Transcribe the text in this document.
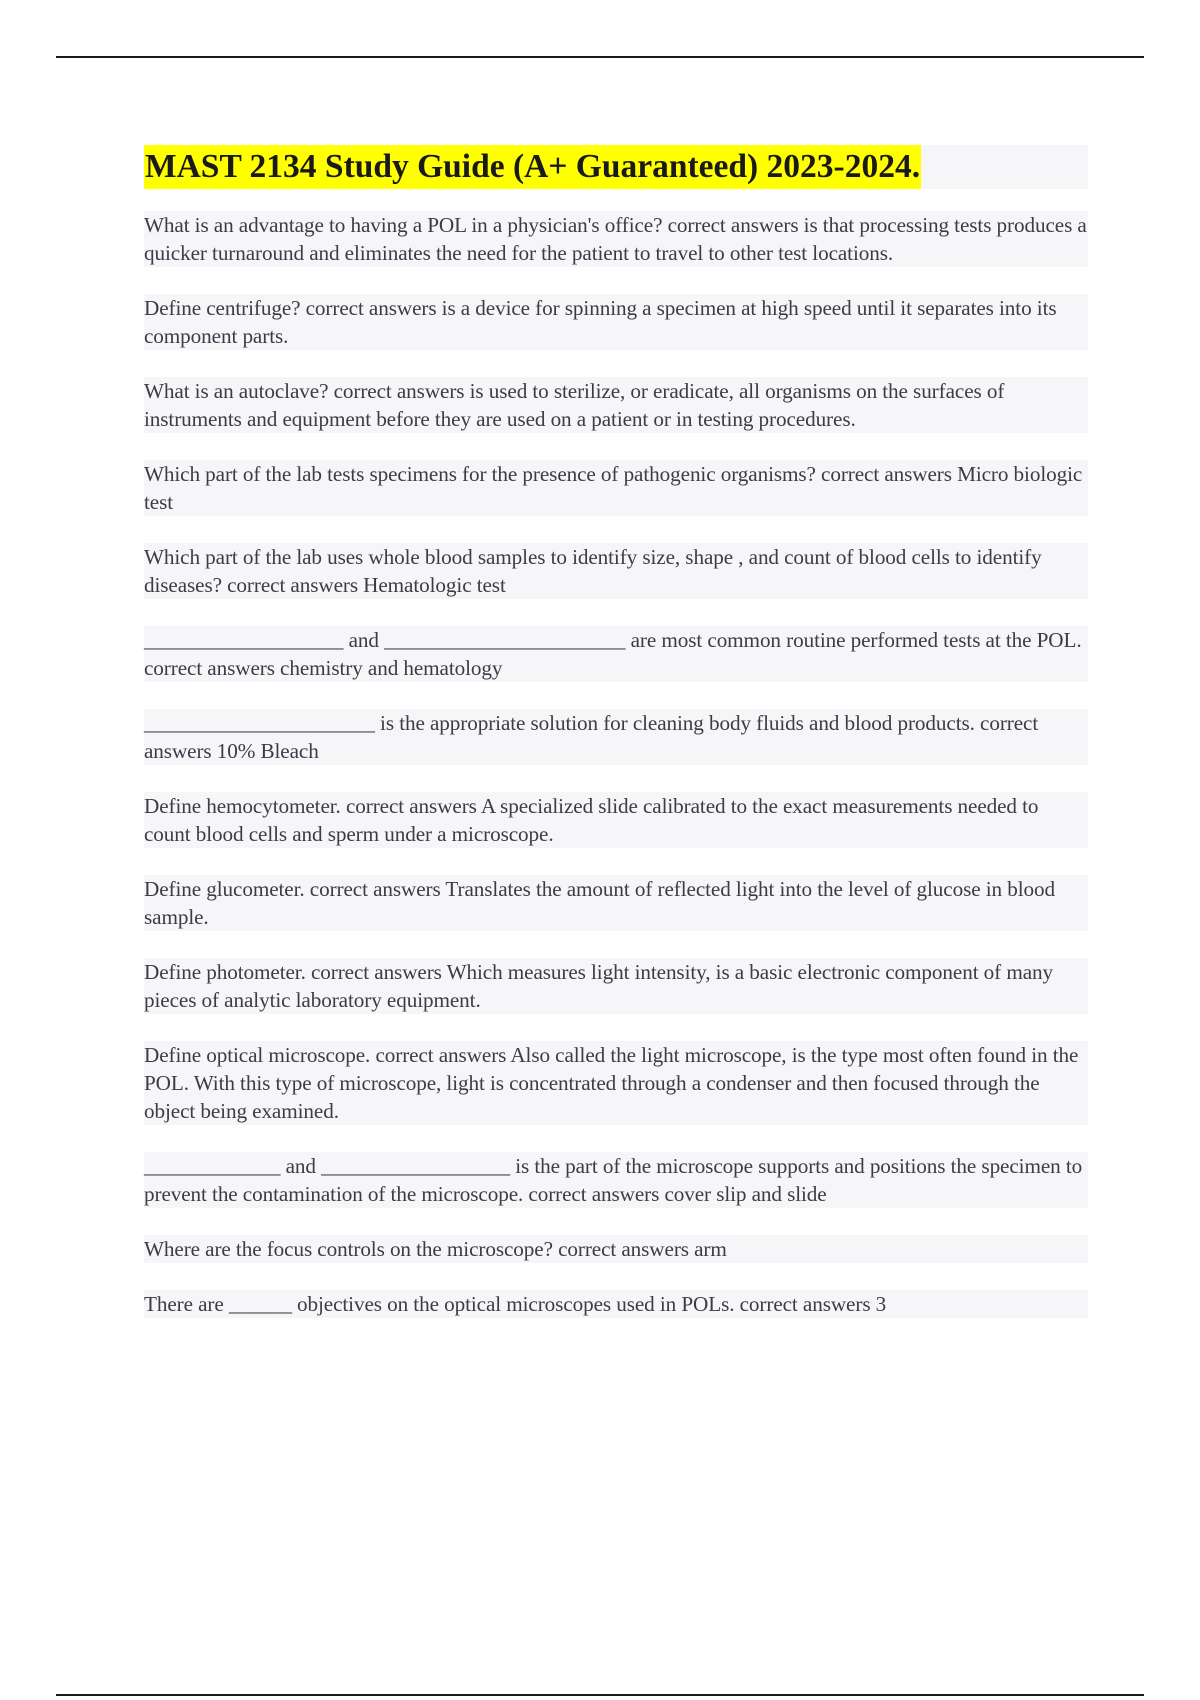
MAST 2134 Study Guide (A+ Guaranteed) 2023-2024.

What is an advantage to having a POL in a physician's office? correct answers is that processing tests produces a quicker turnaround and eliminates the need for the patient to travel to other test locations.

Define centrifuge? correct answers is a device for spinning a specimen at high speed until it separates into its component parts.

What is an autoclave? correct answers is used to sterilize, or eradicate, all organisms on the surfaces of instruments and equipment before they are used on a patient or in testing procedures.

Which part of the lab tests specimens for the presence of pathogenic organisms? correct answers Micro biologic test

Which part of the lab uses whole blood samples to identify size, shape , and count of blood cells to identify diseases? correct answers Hematologic test

___________________ and _______________________ are most common routine performed tests at the POL. correct answers chemistry and hematology

______________________ is the appropriate solution for cleaning body fluids and blood products. correct answers 10% Bleach

Define hemocytometer. correct answers A specialized slide calibrated to the exact measurements needed to count blood cells and sperm under a microscope.

Define glucometer. correct answers Translates the amount of reflected light into the level of glucose in blood sample.

Define photometer. correct answers Which measures light intensity, is a basic electronic component of many pieces of analytic laboratory equipment.

Define optical microscope. correct answers Also called the light microscope, is the type most often found in the POL. With this type of microscope, light is concentrated through a condenser and then focused through the object being examined.

_____________ and __________________ is the part of the microscope supports and positions the specimen to prevent the contamination of the microscope. correct answers cover slip and slide

Where are the focus controls on the microscope? correct answers arm

There are ______ objectives on the optical microscopes used in POLs. correct answers 3
